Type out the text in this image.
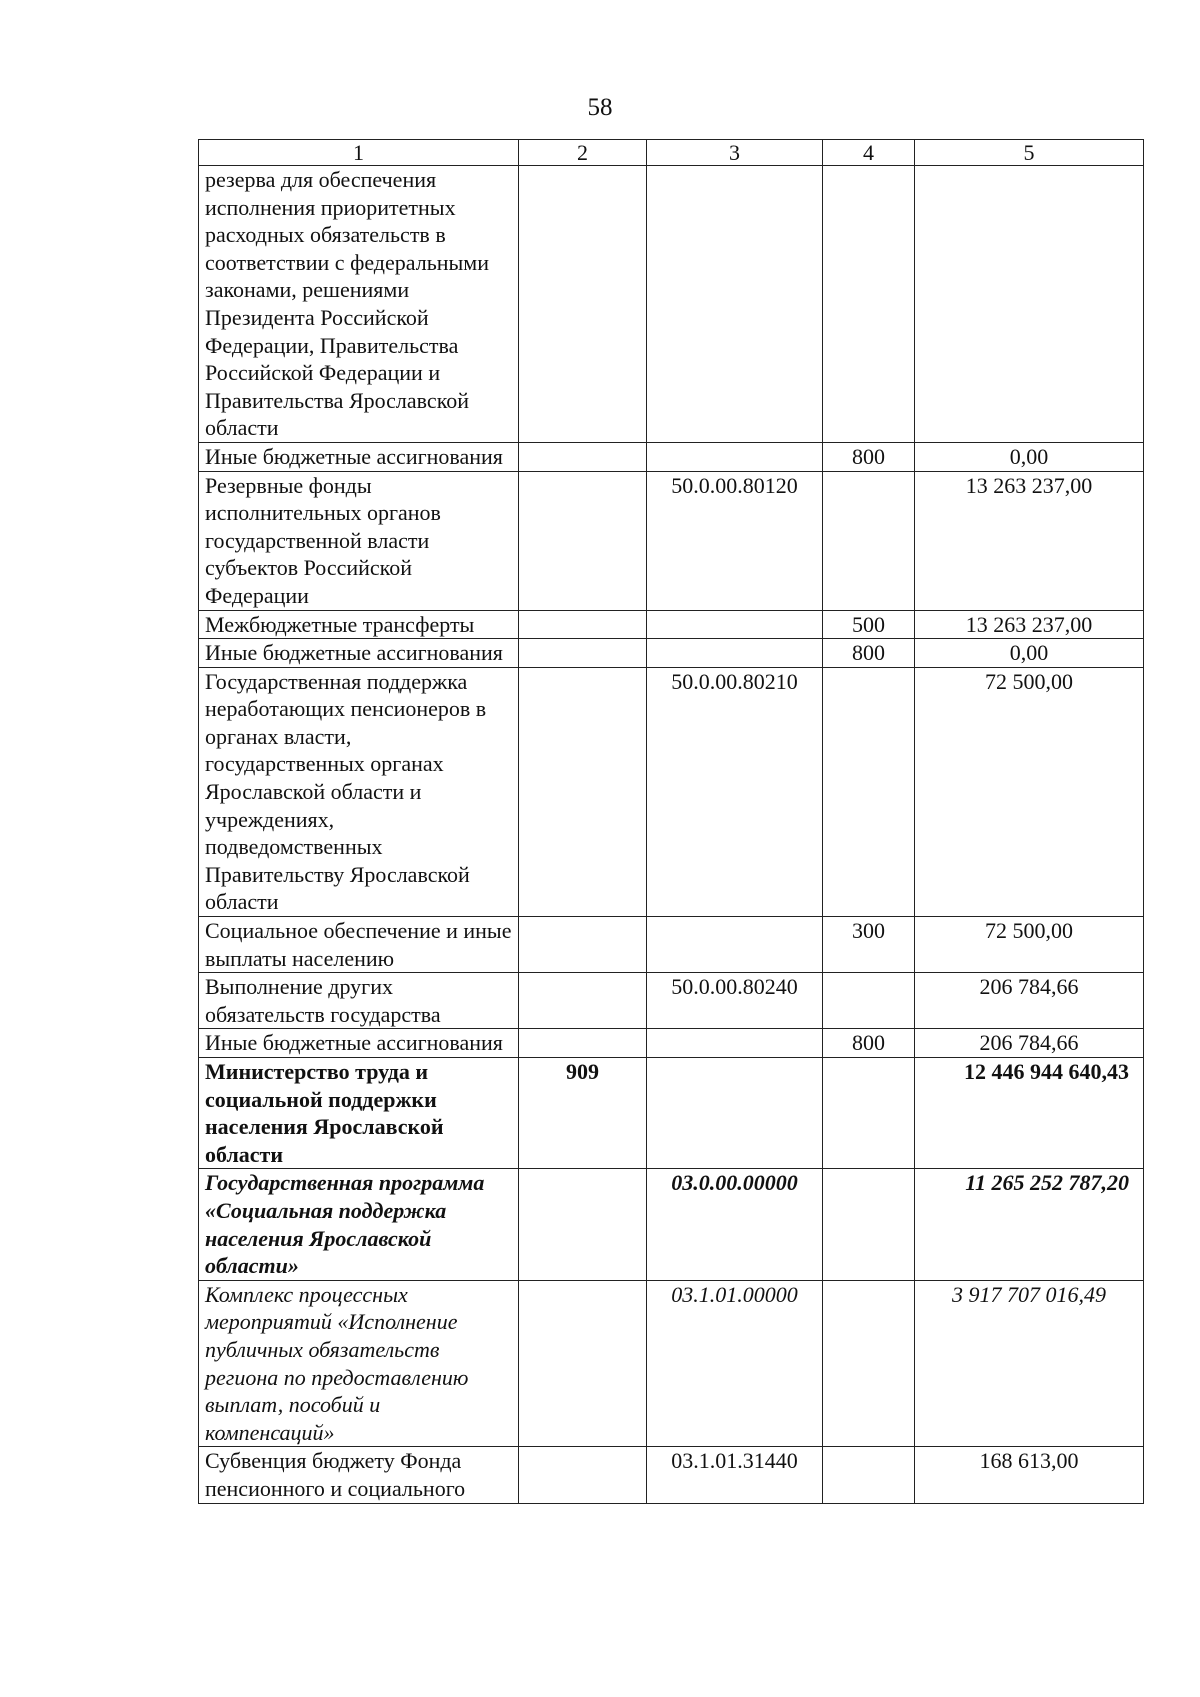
58
1	2	3	4	5
резерва для обеспечения исполнения приоритетных расходных обязательств в соответствии с федеральными законами, решениями Президента Российской Федерации, Правительства Российской Федерации и Правительства Ярославской области				
Иные бюджетные ассигнования			800	0,00
Резервные фонды исполнительных органов государственной власти субъектов Российской Федерации		50.0.00.80120		13 263 237,00
Межбюджетные трансферты			500	13 263 237,00
Иные бюджетные ассигнования			800	0,00
Государственная поддержка неработающих пенсионеров в органах власти, государственных органах Ярославской области и учреждениях, подведомственных Правительству Ярославской области		50.0.00.80210		72 500,00
Социальное обеспечение и иные выплаты населению			300	72 500,00
Выполнение других обязательств государства		50.0.00.80240		206 784,66
Иные бюджетные ассигнования			800	206 784,66
Министерство труда и социальной поддержки населения Ярославской области	909			12 446 944 640,43
Государственная программа «Социальная поддержка населения Ярославской области»		03.0.00.00000		11 265 252 787,20
Комплекс процессных мероприятий «Исполнение публичных обязательств региона по предоставлению выплат, пособий и компенсаций»		03.1.01.00000		3 917 707 016,49
Субвенция бюджету Фонда пенсионного и социального		03.1.01.31440		168 613,00
